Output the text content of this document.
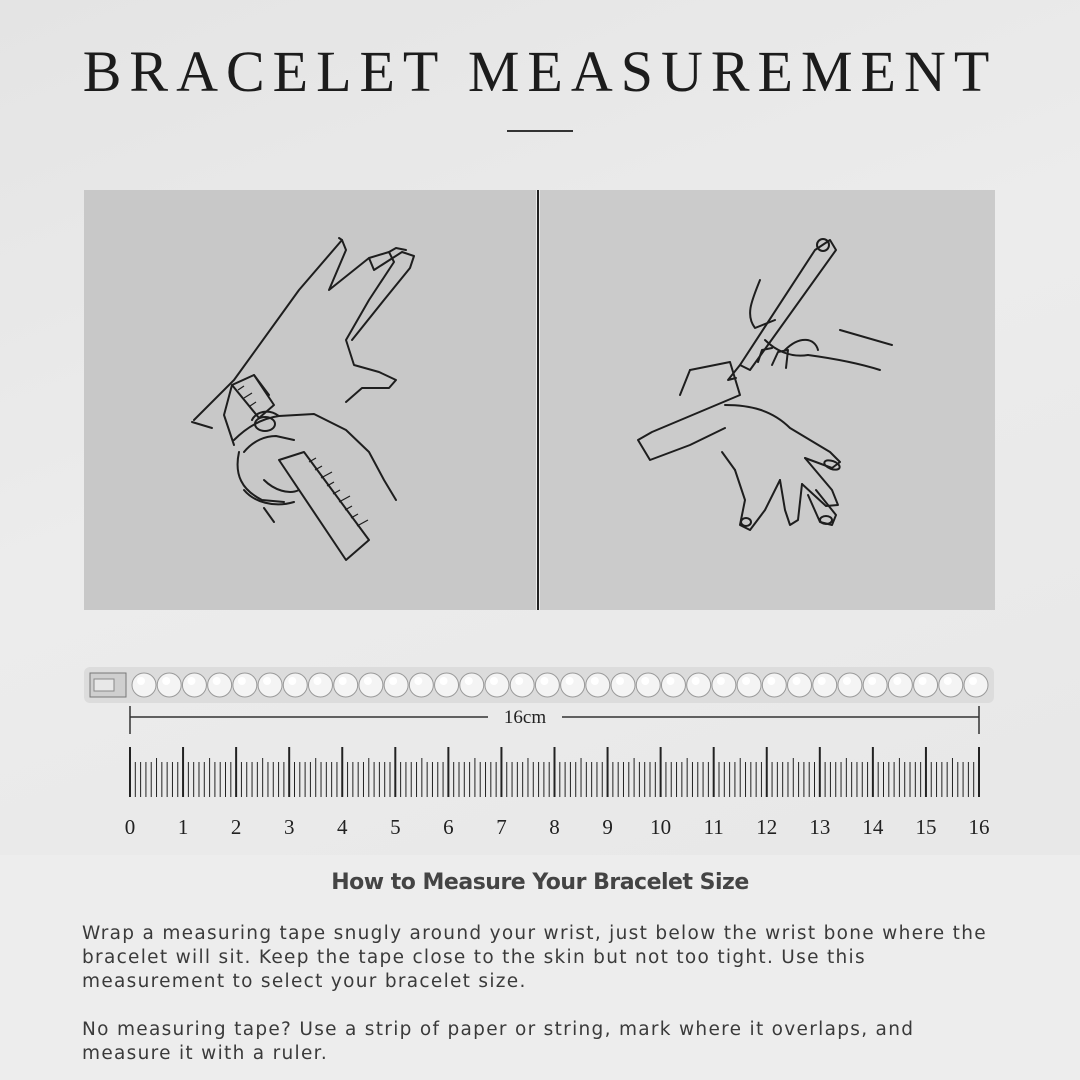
BRACELET MEASUREMENT
16cm
0 1 2 3 4 5 6 7 8 9 10 11 12 13 14 15 16
How to Measure Your Bracelet Size

Wrap a measuring tape snugly around your wrist, just below the wrist bone where the bracelet will sit. Keep the tape close to the skin but not too tight. Use this measurement to select your bracelet size.

No measuring tape? Use a strip of paper or string, mark where it overlaps, and measure it with a ruler.
